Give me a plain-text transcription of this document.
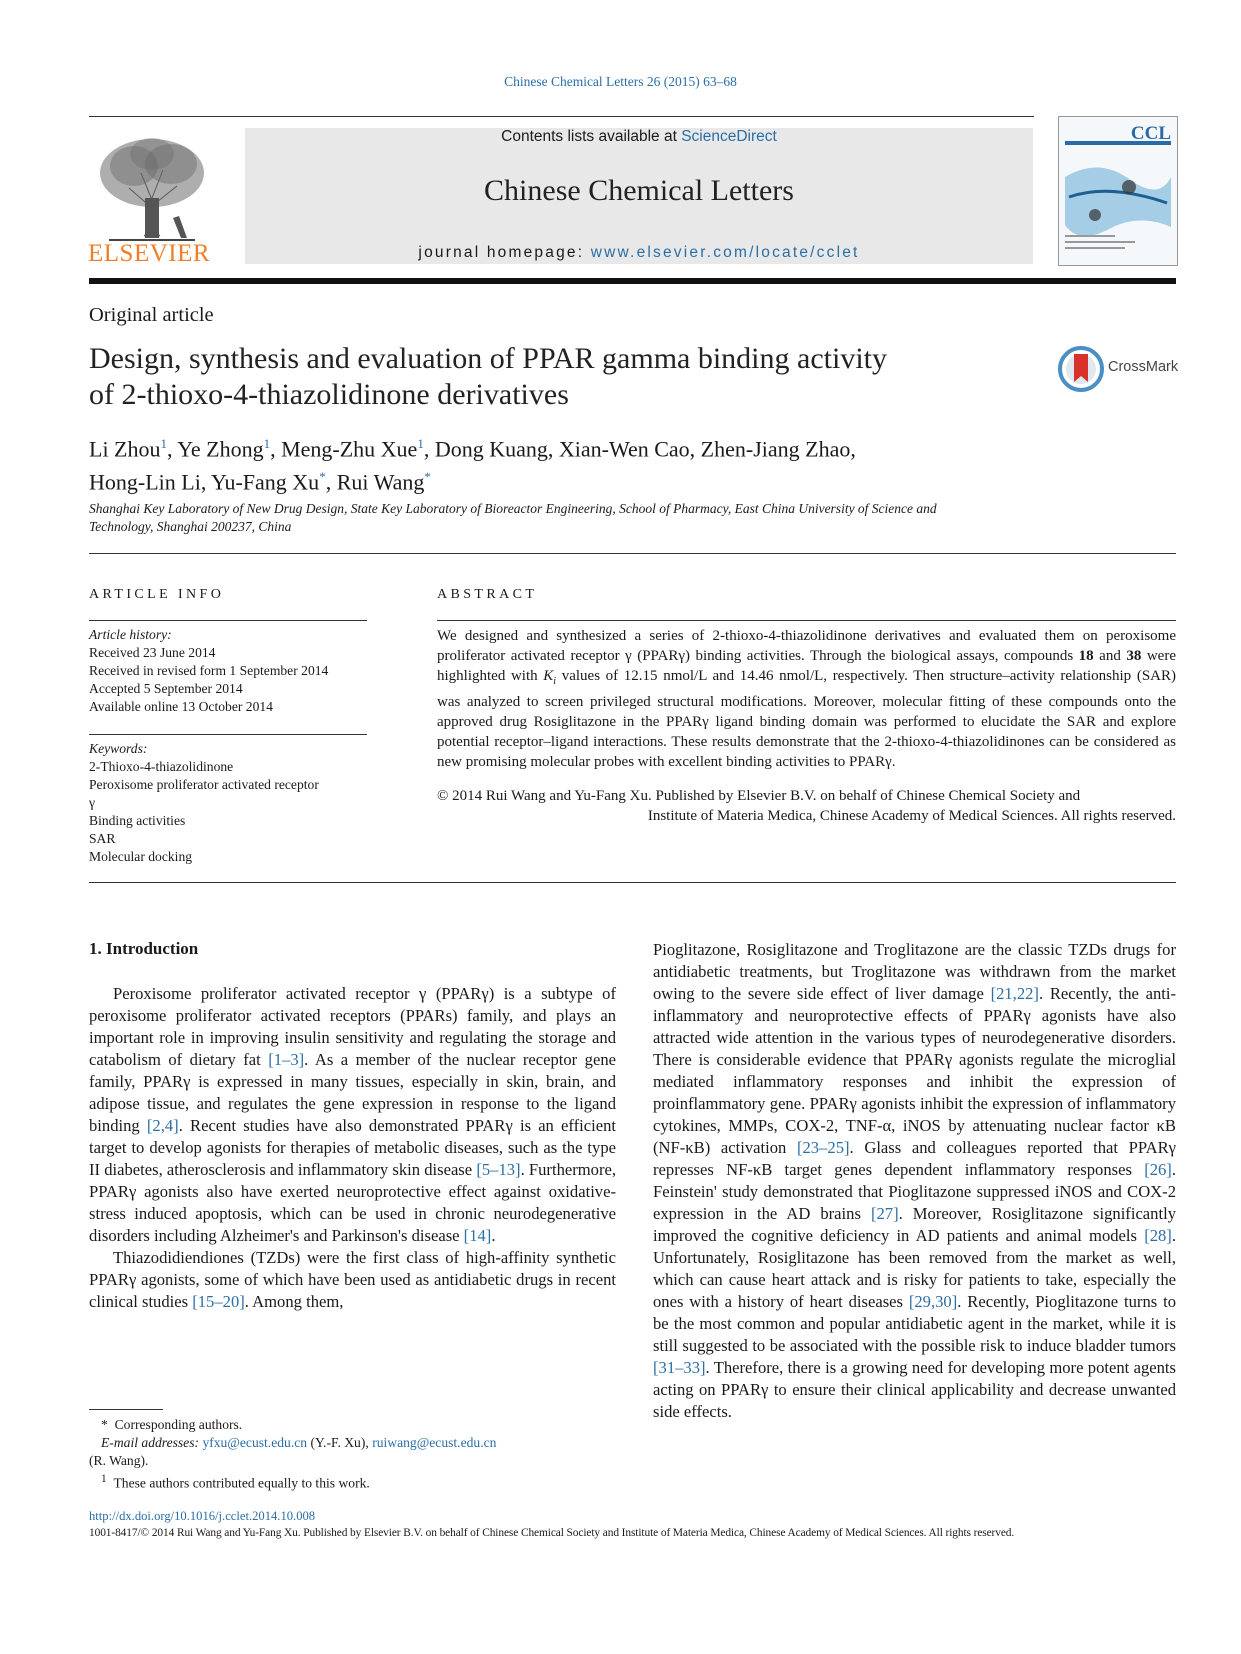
Chinese Chemical Letters 26 (2015) 63–68
ELSEVIER
Contents lists available at ScienceDirect
Chinese Chemical Letters
journal homepage: www.elsevier.com/locate/cclet
CCL
Original article
Design, synthesis and evaluation of PPAR gamma binding activity
of 2-thioxo-4-thiazolidinone derivatives
CrossMark
Li Zhou$^1$, Ye Zhong$^1$, Meng-Zhu Xue$^1$, Dong Kuang, Xian-Wen Cao, Zhen-Jiang Zhao,
Hong-Lin Li, Yu-Fang Xu*, Rui Wang*
Shanghai Key Laboratory of New Drug Design, State Key Laboratory of Bioreactor Engineering, School of Pharmacy, East China University of Science and
Technology, Shanghai 200237, China
ARTICLE INFO	ABSTRACT
Article history:
Received 23 June 2014
Received in revised form 1 September 2014
Accepted 5 September 2014
Available online 13 October 2014
Keywords:
2-Thioxo-4-thiazolidinone
Peroxisome proliferator activated receptor
γ
Binding activities
SAR
Molecular docking
We designed and synthesized a series of 2-thioxo-4-thiazolidinone derivatives and evaluated them on peroxisome proliferator activated receptor γ (PPARγ) binding activities. Through the biological assays, compounds 18 and 38 were highlighted with $K_i$ values of 12.15 nmol/L and 14.46 nmol/L, respectively. Then structure–activity relationship (SAR) was analyzed to screen privileged structural modifications. Moreover, molecular fitting of these compounds onto the approved drug Rosiglitazone in the PPARγ ligand binding domain was performed to elucidate the SAR and explore potential receptor–ligand interactions. These results demonstrate that the 2-thioxo-4-thiazolidinones can be considered as new promising molecular probes with excellent binding activities to PPARγ.
© 2014 Rui Wang and Yu-Fang Xu. Published by Elsevier B.V. on behalf of Chinese Chemical Society and
Institute of Materia Medica, Chinese Academy of Medical Sciences. All rights reserved.
1. Introduction

Peroxisome proliferator activated receptor γ (PPARγ) is a subtype of peroxisome proliferator activated receptors (PPARs) family, and plays an important role in improving insulin sensitivity and regulating the storage and catabolism of dietary fat [1–3]. As a member of the nuclear receptor gene family, PPARγ is expressed in many tissues, especially in skin, brain, and adipose tissue, and regulates the gene expression in response to the ligand binding [2,4]. Recent studies have also demonstrated PPARγ is an efficient target to develop agonists for therapies of metabolic diseases, such as the type II diabetes, atherosclerosis and inflammatory skin disease [5–13]. Furthermore, PPARγ agonists also have exerted neuroprotective effect against oxidative-stress induced apoptosis, which can be used in chronic neurodegenerative disorders including Alzheimer's and Parkinson's disease [14].

Thiazodidiendiones (TZDs) were the first class of high-affinity synthetic PPARγ agonists, some of which have been used as antidiabetic drugs in recent clinical studies [15–20]. Among them,

Pioglitazone, Rosiglitazone and Troglitazone are the classic TZDs drugs for antidiabetic treatments, but Troglitazone was withdrawn from the market owing to the severe side effect of liver damage [21,22]. Recently, the anti-inflammatory and neuroprotective effects of PPARγ agonists have also attracted wide attention in the various types of neurodegenerative disorders. There is considerable evidence that PPARγ agonists regulate the microglial mediated inflammatory responses and inhibit the expression of proinflammatory gene. PPARγ agonists inhibit the expression of inflammatory cytokines, MMPs, COX-2, TNF-α, iNOS by attenuating nuclear factor κB (NF-κB) activation [23–25]. Glass and colleagues reported that PPARγ represses NF-κB target genes dependent inflammatory responses [26]. Feinstein' study demonstrated that Pioglitazone suppressed iNOS and COX-2 expression in the AD brains [27]. Moreover, Rosiglitazone significantly improved the cognitive deficiency in AD patients and animal models [28]. Unfortunately, Rosiglitazone has been removed from the market as well, which can cause heart attack and is risky for patients to take, especially the ones with a history of heart diseases [29,30]. Recently, Pioglitazone turns to be the most common and popular antidiabetic agent in the market, while it is still suggested to be associated with the possible risk to induce bladder tumors [31–33]. Therefore, there is a growing need for developing more potent agents acting on PPARγ to ensure their clinical applicability and decrease unwanted side effects.

* Corresponding authors.
E-mail addresses: yfxu@ecust.edu.cn (Y.-F. Xu), ruiwang@ecust.edu.cn
(R. Wang).
$^1$ These authors contributed equally to this work.
http://dx.doi.org/10.1016/j.cclet.2014.10.008
1001-8417/© 2014 Rui Wang and Yu-Fang Xu. Published by Elsevier B.V. on behalf of Chinese Chemical Society and Institute of Materia Medica, Chinese Academy of Medical Sciences. All rights reserved.
